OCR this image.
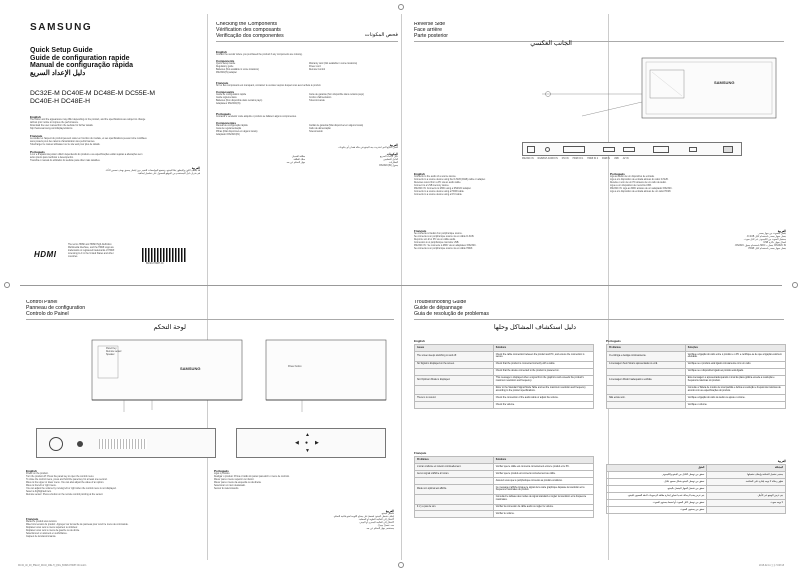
SAMSUNG
Quick Setup Guide
Guide de configuration rapide
Manual de configuração rápida
دليل الإعداد السريع
DC32E-M DC40E-M DC48E-M DC55E-M
DC40E-H DC48E-H
English
The colour and the appearance may differ depending on the product, and the specifications are subject to change
without prior notice to improve the performance.
Download the user manual from the website for further details.
http://www.samsung.com/displaysolutions
Français
La couleur et l'aspect du produit peuvent varier en fonction du modèle, et ses spécifications peuvent être modifiées
sans préavis pour des raisons d'amélioration des performances.
Téléchargez le manuel utilisateur sur le site web pour plus de détails.
Português
A cor e a aparência podem diferir dependendo do produto e as especificações estão sujeitas a alterações sem
aviso prévio para melhorar o desempenho.
Transfira o manual do utilizador do website para obter mais detalhes.
العربية
قد يختلف اللون والمظهر تبعًا للمنتج، وتخضع المواصفات للتغيير دون إشعار مسبق بهدف تحسين الأداء.
قم بتنزيل دليل المستخدم من الموقع للحصول على تفاصيل إضافية.
HDMI
The terms HDMI and HDMI High-Definition
Multimedia Interface, and the HDMI Logo are
trademarks or registered trademarks of HDMI
Licensing LLC in the United States and other
countries.
BN68-07808T-00
Checking the Components
Vérification des composants
Verificação dos componentes	فحص المكونات
English
Contact the vendor where you purchased the product if any components are missing.
Components
Quick Setup Guide	Warranty card (Not available in some locations)
Regulatory guide	Power cord
Batteries (Not available in some locations)	Remote Control
RS232C(IN) adapter
Français
Si l'un des composants est manquant, contactez le vendeur auprès duquel vous avez acheté le produit.
Composants
Guide de configuration rapide	Carte de garantie (Non disponible dans certains pays)
Guide réglementaire	Cordon d'alimentation
Batteries (Non disponible dans certains pays)	Télécommande
Adaptateur RS232C(IN)
Português
Contacte o vendedor onde adquiriu o produto se faltarem alguns componentes.
Componentes
Manual de configuração rápida	Cartão de garantia (Não disponível em alguns locais)
Guia de regulamentação	Cabo de alimentação
Pilhas (Não disponível em alguns locais)	Telecomando
Adaptador RS232C(IN)
العربية
اتصل بالبائع الذي اشتريت منه المنتج في حالة فقدان أي مكونات.
المكونات
دليل الإعداد السريع
بطاقة الضمان
الدليل التنظيمي
سلك الطاقة
البطاريات
جهاز التحكم عن بعد
محول RS232C(IN)
Reverse Side
Face arrière
Parte posterior
الجانب العكسي
SAMSUNG
RS232C IN RGB/DVI AUDIO IN DVI IN HDMI IN 1 HDMI IN 2 RGB IN USB AV IN
English
Connects to the audio of a source device.
Connects to a source device using the D-SUB (RGB) cable or adapter.
Receives sound from a PC via an audio cable.
Connect to a USB memory device.
RS232C IN: Connects to MDC using a RS232C adapter.
Connects to a source device using a HDMI cable.
Connects to a source device using a DVI cable.
Français
Se connecte à l'audio d'un périphérique source.
Se connecte à un périphérique source via un câble D-SUB.
Reçoit le son d'un PC via un câble audio.
Connexion à un périphérique mémoire USB.
RS232C IN : Se connecte à MDC via un adaptateur RS232C.
Se connecte à un périphérique source via un câble HDMI.
Português
Liga ao áudio de um dispositivo de entrada.
Liga a um dispositivo de entrada através do cabo D-SUB.
Recebe o som de um PC através de um cabo de áudio.
Ligue a um dispositivo de memória USB.
RS232C IN: Liga ao MDC através de um adaptador RS232C.
Liga a um dispositivo de entrada através de um cabo HDMI.
العربية
يتصل بالصوت من جهاز مصدر.
يتصل بجهاز مصدر باستخدام كابل D-SUB.
يستقبل الصوت من الكمبيوتر عبر كابل صوت.
اتصال بجهاز ذاكرة USB.
RS232C IN: يتصل بـ MDC باستخدام محول RS232C.
يتصل بجهاز مصدر باستخدام كابل HDMI.
Control Panel
Panneau de configuration
Controlo do Painel
لوحة التحكم
SAMSUNG
Panel Key
Remote sensor
Speaker
Power button
▲
◀ ● ▶
▼
English
Power on the product.
Turn the product off: Press the panel key to open the control menu.
To close the control menu, press and hold the panel key for at least one second.
Move to the upper or lower menu. You can also adjust the value of an option.
Move to the left or right menu.
You can adjust the volume by moving left or right when the control menu is not displayed.
Select a highlighted item.
Remote sensor: Press a button on the remote control pointing at the sensor.
Français
Mettez le produit sous tension.
Mise hors tension du produit : Appuyez sur la touche de panneau pour ouvrir le menu de commande.
Déplacez-vous vers le menu supérieur ou inférieur.
Déplacez-vous vers le menu de gauche ou de droite.
Sélectionnez un élément en surbrillance.
Capteur de la télécommande.
Português
Ligar o produto.
Desligar o produto: Prima o botão do painel para abrir o menu de controlo.
Mover para o menu superior ou inferior.
Mover para o menu da esquerda ou da direita.
Selecionar um item destacado.
Sensor do telecomando.
العربية
تشغيل المنتج.
إيقاف تشغيل المنتج: اضغط على مفتاح اللوحة لفتح قائمة التحكم.
الانتقال إلى القائمة العلوية أو السفلية.
الانتقال إلى القائمة اليسرى أو اليمنى.
حدد عنصرًا مميزًا.
مستشعر جهاز التحكم عن بعد.
Troubleshooting Guide
Guide de dépannage
Guia de resolução de problemas
دليل استكشاف المشاكل وحلها
English
Issues	Solutions
The screen keeps switching on and off.	Check the cable connection between the product and PC, and ensure the connection is secure.
No Signal is displayed on the screen.	Check that the product is connected correctly with a cable.
	Check that the device connected to the product is powered on.
Not Optimum Mode is displayed.	This message is displayed when a signal from the graphics card exceeds the product's maximum resolution and frequency.
	Refer to the Standard Signal Mode Table and set the maximum resolution and frequency according to the product specifications.
There is no sound.	Check the connection of the audio cable or adjust the volume.
	Check the volume.
Français
Problèmes	Solutions
L'écran s'allume et s'éteint continuellement.	Vérifiez que le câble est connecté correctement entre le produit et le PC.
Aucun signal s'affiche à l'écran.	Vérifiez que le produit est connecté correctement au câble.
	Assurez-vous que le périphérique connecté au produit est allumé.
Mode non optimal est affiché.	Ce message s'affiche lorsque le signal de la carte graphique dépasse la résolution et la fréquence maximales du produit.
	Consultez le tableau des modes de signal standard et réglez la résolution et la fréquence maximales.
Il n'y a pas de son.	Vérifiez la connexion du câble audio ou réglez le volume.
	Vérifiez le volume.
Português
Problemas	Soluções
O ecrã liga e desliga continuamente.	Verifique a ligação do cabo entre o produto e o PC e certifique-se de que a ligação está bem efetuada.
A mensagem Sem Sinal é apresentada no ecrã.	Verifique se o produto está ligado corretamente com um cabo.
	Verifique se o dispositivo ligado ao produto está ligado.
A mensagem Modo Inadequado é exibida.	Esta mensagem é apresentada quando o sinal da placa gráfica excede a resolução e frequência máximas do produto.
	Consulte a Tabela de modos de sinal padrão e defina a resolução e frequência máximas de acordo com as especificações do produto.
Não existe som.	Verifique a ligação do cabo de áudio ou ajuste o volume.
	Verifique o volume.
العربية
المشكلة	الحلول
يستمر تشغيل الشاشة وإيقاف تشغيلها.	تحقق من توصيل الكابل بين المنتج والكمبيوتر.
تظهر رسالة لا توجد إشارة على الشاشة.	تحقق من توصيل المنتج بشكل صحيح بكابل.
	تحقق من تشغيل الجهاز المتصل بالمنتج.
يتم عرض الوضع غير الأمثل.	يتم عرض هذه الرسالة عندما تتجاوز إشارة بطاقة الرسومات الدقة القصوى للمنتج.
لا يوجد صوت.	تحقق من توصيل كابل الصوت أو اضبط مستوى الصوت.
	تحقق من مستوى الصوت.
DC32_40_48_55E-M_DC40_48E-H_QSG_BN68-07808T-00.indd 1	2015-02-11 오후 5:08:18
